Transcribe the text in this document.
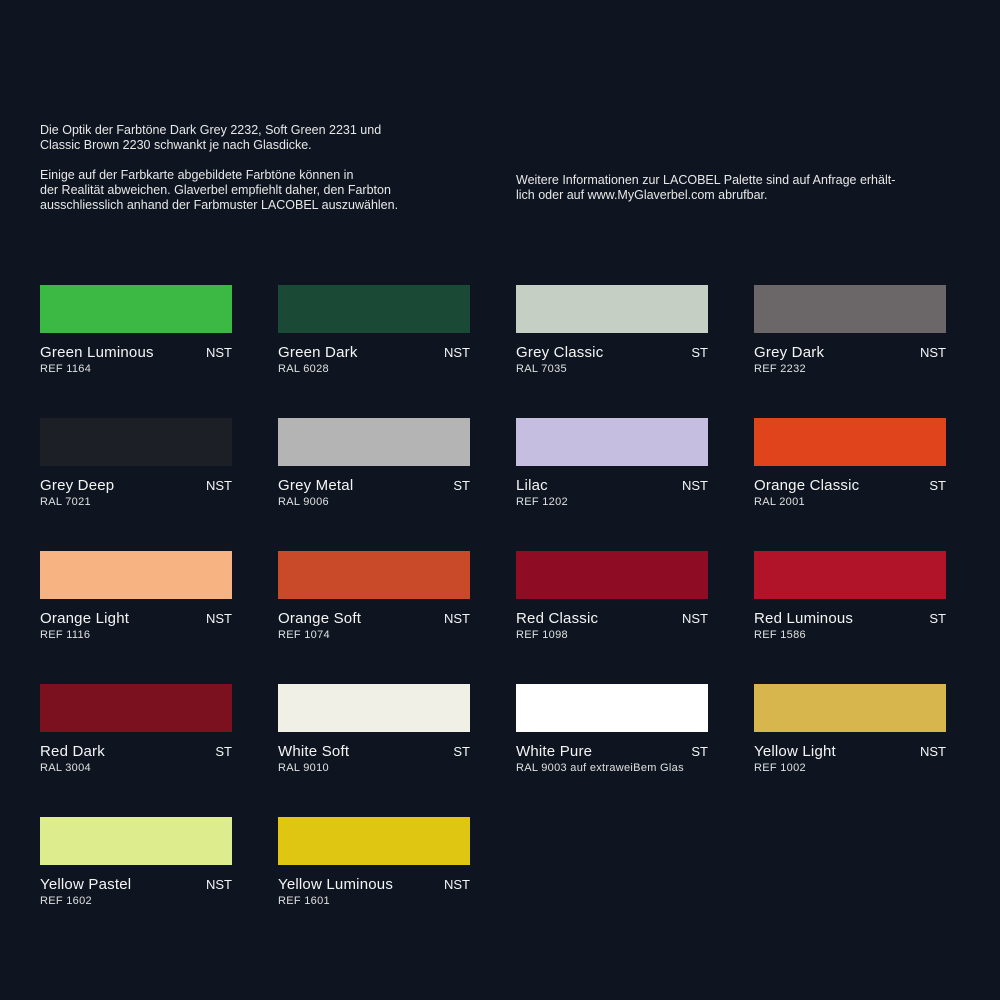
Die Optik der Farbtöne Dark Grey 2232, Soft Green 2231 und
Classic Brown 2230 schwankt je nach Glasdicke.

Einige auf der Farbkarte abgebildete Farbtöne können in
der Realität abweichen. Glaverbel empfiehlt daher, den Farbton
ausschliesslich anhand der Farbmuster LACOBEL auszuwählen.

Weitere Informationen zur LACOBEL Palette sind auf Anfrage erhält-
lich oder auf www.MyGlaverbel.com abrufbar.

Green Luminous	NST
REF 1164
Green Dark	NST
RAL 6028
Grey Classic	ST
RAL 7035
Grey Dark	NST
REF 2232
Grey Deep	NST
RAL 7021
Grey Metal	ST
RAL 9006
Lilac	NST
REF 1202
Orange Classic	ST
RAL 2001
Orange Light	NST
REF 1116
Orange Soft	NST
REF 1074
Red Classic	NST
REF 1098
Red Luminous	ST
REF 1586
Red Dark	ST
RAL 3004
White Soft	ST
RAL 9010
White Pure	ST
RAL 9003 auf extraweiBem Glas
Yellow Light	NST
REF 1002
Yellow Pastel	NST
REF 1602
Yellow Luminous	NST
REF 1601
